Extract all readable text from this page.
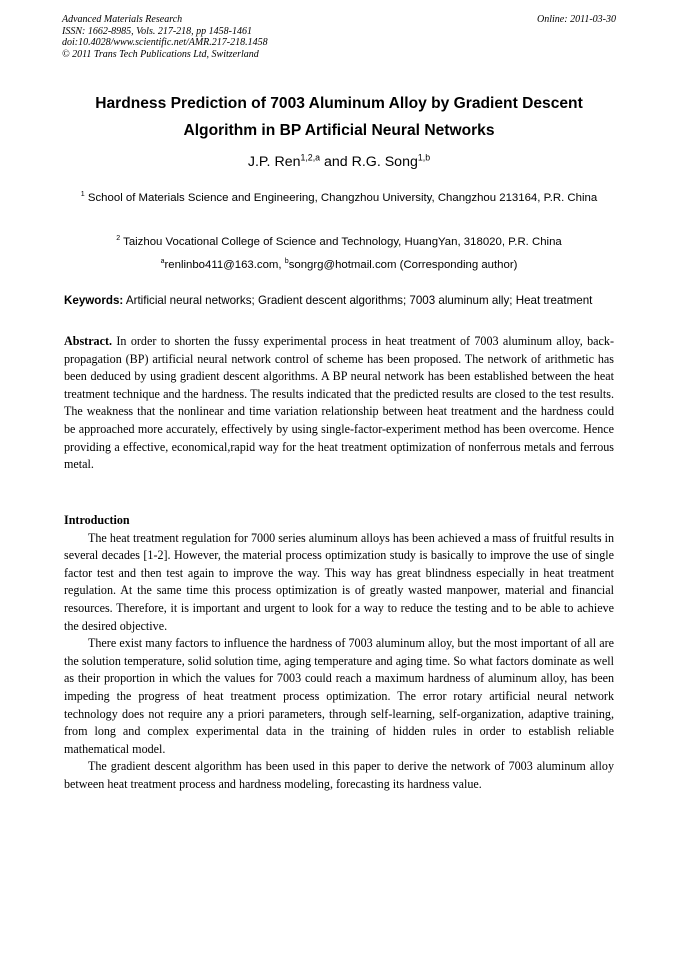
Advanced Materials Research
ISSN: 1662-8985, Vols. 217-218, pp 1458-1461
doi:10.4028/www.scientific.net/AMR.217-218.1458
© 2011 Trans Tech Publications Ltd, Switzerland
Online: 2011-03-30
Hardness Prediction of 7003 Aluminum Alloy by Gradient Descent
Algorithm in BP Artificial Neural Networks
J.P. Ren$^{1,2,a}$ and R.G. Song$^{1,b}$
$^1$ School of Materials Science and Engineering, Changzhou University, Changzhou 213164, P.R. China
$^2$ Taizhou Vocational College of Science and Technology, HuangYan, 318020, P.R. China
$^a$renlinbo411@163.com, $^b$songrg@hotmail.com (Corresponding author)
Keywords: Artificial neural networks; Gradient descent algorithms; 7003 aluminum ally; Heat treatment
Abstract. In order to shorten the fussy experimental process in heat treatment of 7003 aluminum alloy, back-propagation (BP) artificial neural network control of scheme has been proposed. The network of arithmetic has been deduced by using gradient descent algorithms. A BP neural network has been established between the heat treatment technique and the hardness. The results indicated that the predicted results are closed to the test results. The weakness that the nonlinear and time variation relationship between heat treatment and the hardness could be approached more accurately, effectively by using single-factor-experiment method has been overcome. Hence providing a effective, economical,rapid way for the heat treatment optimization of nonferrous metals and ferrous metal.
Introduction

The heat treatment regulation for 7000 series aluminum alloys has been achieved a mass of fruitful results in several decades [1-2]. However, the material process optimization study is basically to improve the use of single factor test and then test again to improve the way. This way has great blindness especially in heat treatment regulation. At the same time this process optimization is of greatly wasted manpower, material and financial resources. Therefore, it is important and urgent to look for a way to reduce the testing and to be able to achieve the desired objective.

There exist many factors to influence the hardness of 7003 aluminum alloy, but the most important of all are the solution temperature, solid solution time, aging temperature and aging time. So what factors dominate as well as their proportion in which the values for 7003 could reach a maximum hardness of aluminum alloy, has been impeding the progress of heat treatment process optimization. The error rotary artificial neural network technology does not require any a priori parameters, through self-learning, self-organization, adaptive training, from long and complex experimental data in the training of hidden rules in order to establish reliable mathematical model.

The gradient descent algorithm has been used in this paper to derive the network of 7003 aluminum alloy between heat treatment process and hardness modeling, forecasting its hardness value.
